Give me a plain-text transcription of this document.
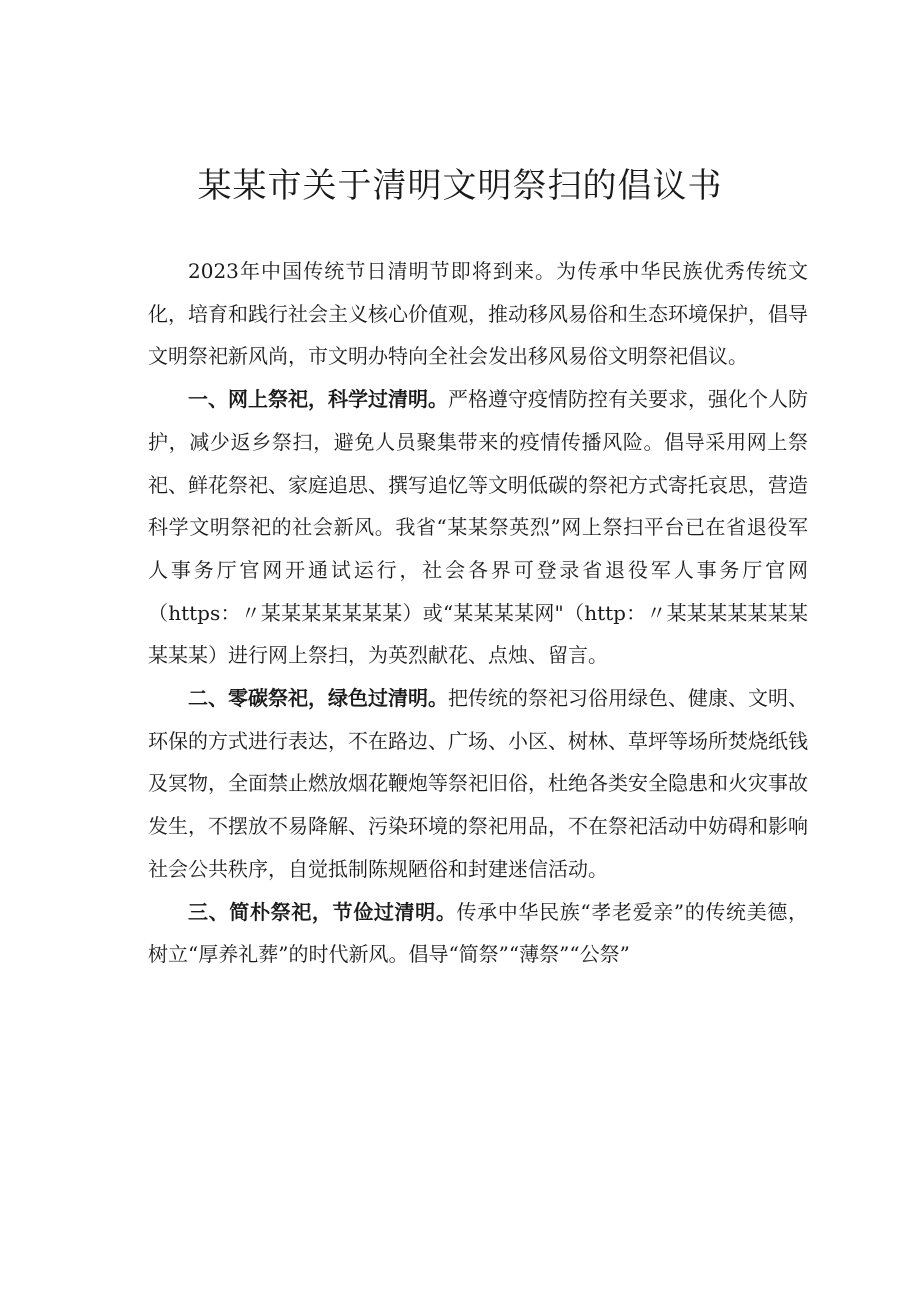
某某市关于清明文明祭扫的倡议书

2023年中国传统节日清明节即将到来。为传承中华民族优秀传统文化，培育和践行社会主义核心价值观，推动移风易俗和生态环境保护，倡导文明祭祀新风尚，市文明办特向全社会发出移风易俗文明祭祀倡议。

一、网上祭祀，科学过清明。严格遵守疫情防控有关要求，强化个人防护，减少返乡祭扫，避免人员聚集带来的疫情传播风险。倡导采用网上祭祀、鲜花祭祀、家庭追思、撰写追忆等文明低碳的祭祀方式寄托哀思，营造科学文明祭祀的社会新风。我省“某某祭英烈”网上祭扫平台已在省退役军人事务厅官网开通试运行，社会各界可登录省退役军人事务厅官网（https：〃某某某某某某某）或“某某某某网"（http：〃某某某某某某某某某某）进行网上祭扫，为英烈献花、点烛、留言。

二、零碳祭祀，绿色过清明。把传统的祭祀习俗用绿色、健康、文明、环保的方式进行表达，不在路边、广场、小区、树林、草坪等场所焚烧纸钱及冥物，全面禁止燃放烟花鞭炮等祭祀旧俗，杜绝各类安全隐患和火灾事故发生，不摆放不易降解、污染环境的祭祀用品，不在祭祀活动中妨碍和影响社会公共秩序，自觉抵制陈规陋俗和封建迷信活动。

三、简朴祭祀，节俭过清明。传承中华民族“孝老爱亲”的传统美德，树立“厚养礼葬”的时代新风。倡导“简祭”“薄祭”“公祭”
